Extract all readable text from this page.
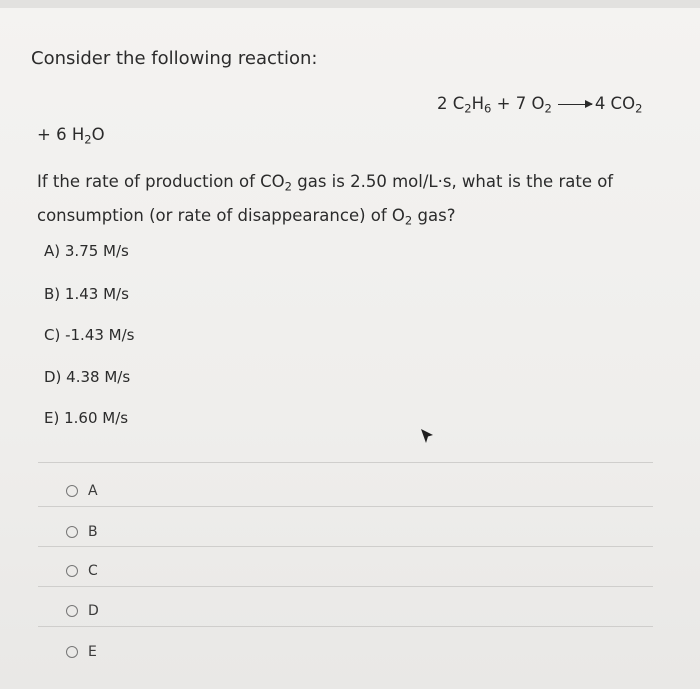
Consider the following reaction:
2 $C_2H_6 + 7$ $O_2 \to 4$ $CO_2$
+ 6 $H_2O$
If the rate of production of $CO_2$ gas is 2.50 mol/L·s, what is the rate of consumption (or rate of disappearance) of $O_2$ gas?
A) 3.75 M/s
B) 1.43 M/s
C) -1.43 M/s
D) 4.38 M/s
E) 1.60 M/s
A
B
C
D
E
